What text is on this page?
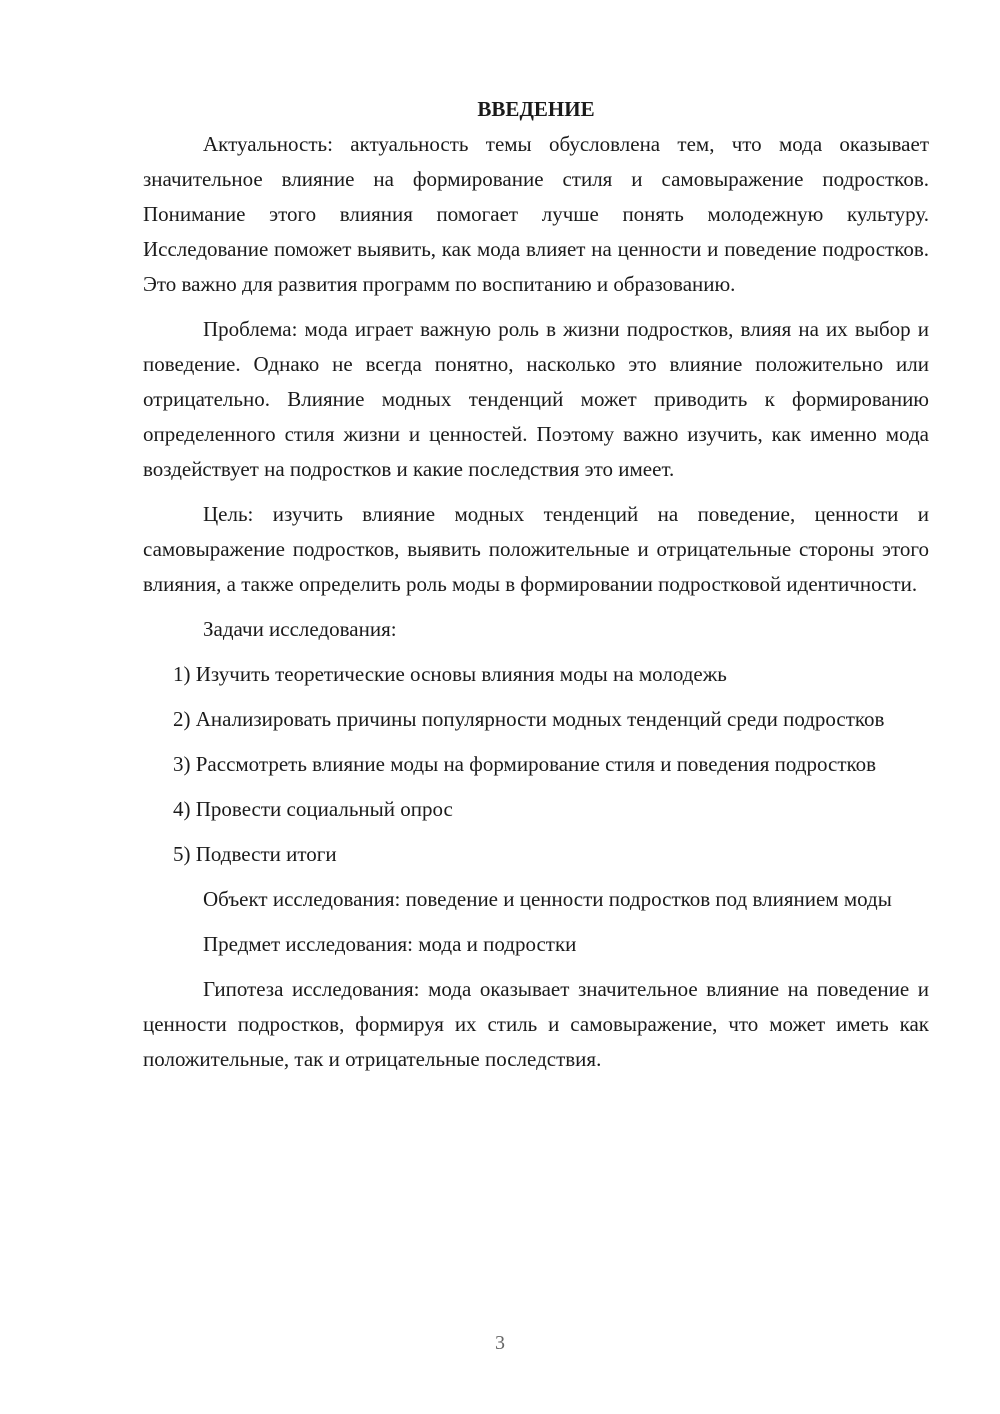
ВВЕДЕНИЕ

Актуальность: актуальность темы обусловлена тем, что мода оказывает значительное влияние на формирование стиля и самовыражение подростков. Понимание этого влияния помогает лучше понять молодежную культуру. Исследование поможет выявить, как мода влияет на ценности и поведение подростков. Это важно для развития программ по воспитанию и образованию.

Проблема: мода играет важную роль в жизни подростков, влияя на их выбор и поведение. Однако не всегда понятно, насколько это влияние положительно или отрицательно. Влияние модных тенденций может приводить к формированию определенного стиля жизни и ценностей. Поэтому важно изучить, как именно мода воздействует на подростков и какие последствия это имеет.

Цель: изучить влияние модных тенденций на поведение, ценности и самовыражение подростков, выявить положительные и отрицательные стороны этого влияния, а также определить роль моды в формировании подростковой идентичности.

Задачи исследования:

1) Изучить теоретические основы влияния моды на молодежь

2) Анализировать причины популярности модных тенденций среди подростков

3) Рассмотреть влияние моды на формирование стиля и поведения подростков

4) Провести социальный опрос

5) Подвести итоги

Объект исследования: поведение и ценности подростков под влиянием моды

Предмет исследования: мода и подростки

Гипотеза исследования: мода оказывает значительное влияние на поведение и ценности подростков, формируя их стиль и самовыражение, что может иметь как положительные, так и отрицательные последствия.

3
